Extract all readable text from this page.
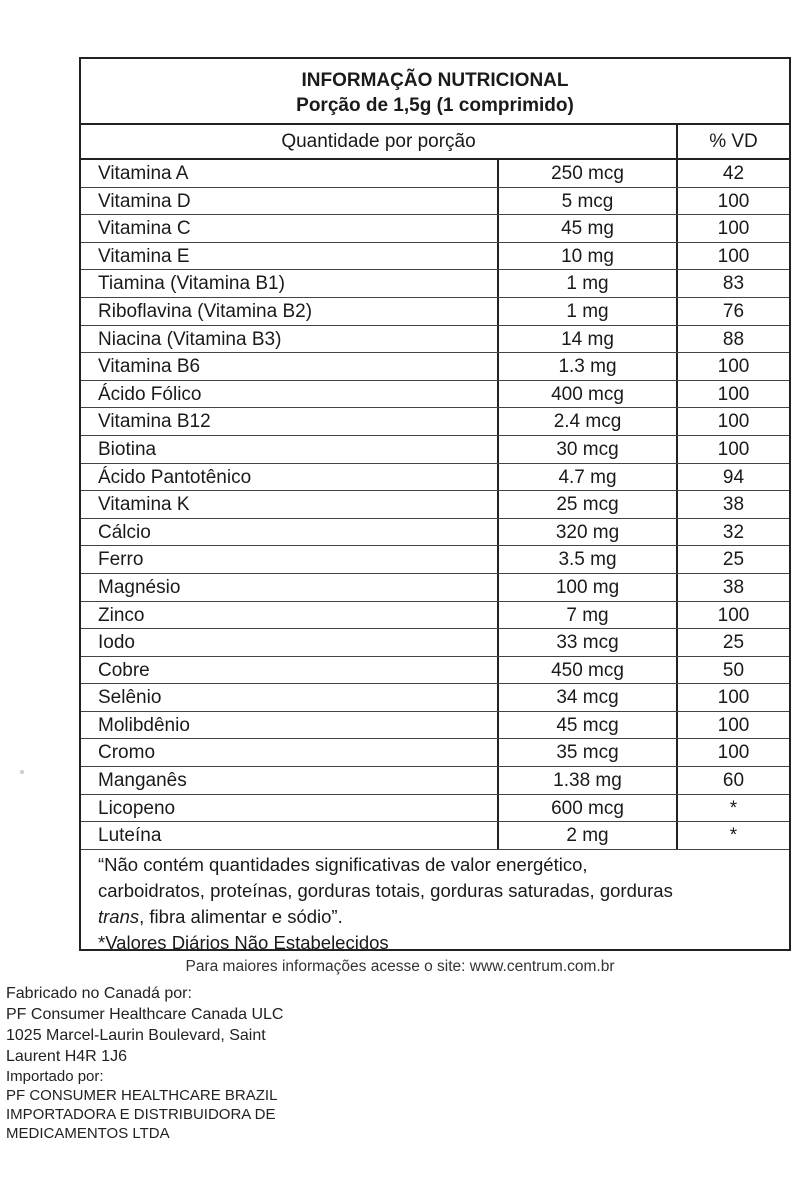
INFORMAÇÃO NUTRICIONAL
Porção de 1,5g (1 comprimido)
Quantidade por porção	% VD
Vitamina A	250 mcg	42
Vitamina D	5 mcg	100
Vitamina C	45 mg	100
Vitamina E	10 mg	100
Tiamina (Vitamina B1)	1 mg	83
Riboflavina (Vitamina B2)	1 mg	76
Niacina (Vitamina B3)	14 mg	88
Vitamina B6	1.3 mg	100
Ácido Fólico	400 mcg	100
Vitamina B12	2.4 mcg	100
Biotina	30 mcg	100
Ácido Pantotênico	4.7 mg	94
Vitamina K	25 mcg	38
Cálcio	320 mg	32
Ferro	3.5 mg	25
Magnésio	100 mg	38
Zinco	7 mg	100
Iodo	33 mcg	25
Cobre	450 mcg	50
Selênio	34 mcg	100
Molibdênio	45 mcg	100
Cromo	35 mcg	100
Manganês	1.38 mg	60
Licopeno	600 mcg	*
Luteína	2 mg	*
“Não contém quantidades significativas de valor energético,
carboidratos, proteínas, gorduras totais, gorduras saturadas, gorduras
trans, fibra alimentar e sódio”.
*Valores Diários Não Estabelecidos
Para maiores informações acesse o site: www.centrum.com.br
Fabricado no Canadá por:
PF Consumer Healthcare Canada ULC
1025 Marcel-Laurin Boulevard, Saint
Laurent H4R 1J6
Importado por:
PF CONSUMER HEALTHCARE BRAZIL
IMPORTADORA E DISTRIBUIDORA DE
MEDICAMENTOS LTDA
